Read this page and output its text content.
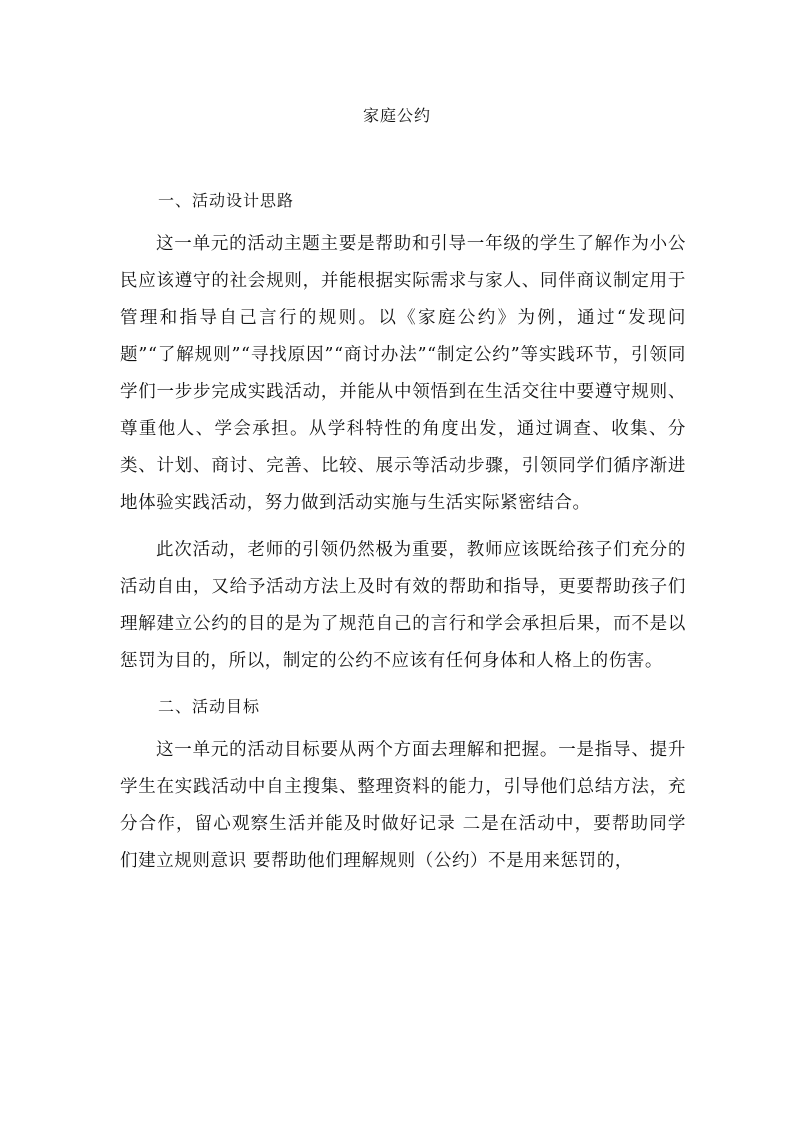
家庭公约
一、活动设计思路

这一单元的活动主题主要是帮助和引导一年级的学生了解作为小公民应该遵守的社会规则，并能根据实际需求与家人、同伴商议制定用于管理和指导自己言行的规则。以《家庭公约》为例，通过“发现问题”“了解规则”“寻找原因”“商讨办法”“制定公约”等实践环节，引领同学们一步步完成实践活动，并能从中领悟到在生活交往中要遵守规则、尊重他人、学会承担。从学科特性的角度出发，通过调查、收集、分类、计划、商讨、完善、比较、展示等活动步骤，引领同学们循序渐进地体验实践活动，努力做到活动实施与生活实际紧密结合。

此次活动，老师的引领仍然极为重要，教师应该既给孩子们充分的活动自由，又给予活动方法上及时有效的帮助和指导，更要帮助孩子们理解建立公约的目的是为了规范自己的言行和学会承担后果，而不是以惩罚为目的，所以，制定的公约不应该有任何身体和人格上的伤害。

二、活动目标

这一单元的活动目标要从两个方面去理解和把握。一是指导、提升学生在实践活动中自主搜集、整理资料的能力，引导他们总结方法，充分合作，留心观察生活并能及时做好记录 二是在活动中，要帮助同学们建立规则意识 要帮助他们理解规则（公约）不是用来惩罚的，
